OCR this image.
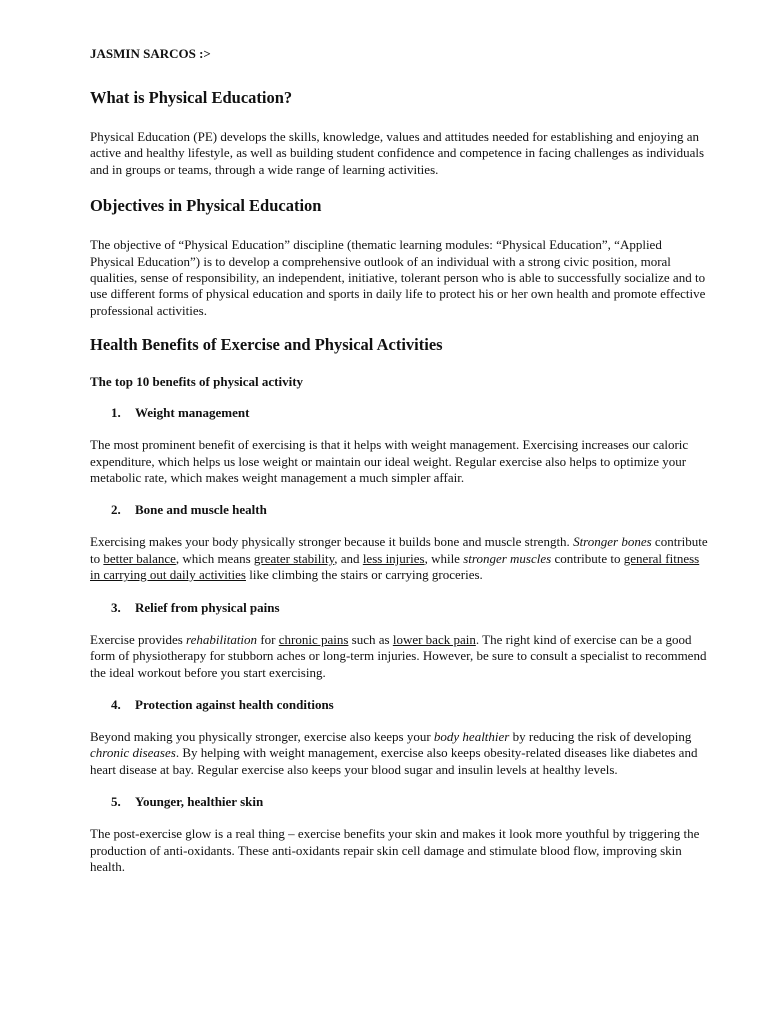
JASMIN SARCOS :>
What is Physical Education?

Physical Education (PE) develops the skills, knowledge, values and attitudes needed for establishing and enjoying an active and healthy lifestyle, as well as building student confidence and competence in facing challenges as individuals and in groups or teams, through a wide range of learning activities.

Objectives in Physical Education

The objective of “Physical Education” discipline (thematic learning modules: “Physical Education”, “Applied Physical Education”) is to develop a comprehensive outlook of an individual with a strong civic position, moral qualities, sense of responsibility, an independent, initiative, tolerant person who is able to successfully socialize and to use different forms of physical education and sports in daily life to protect his or her own health and promote effective professional activities.

Health Benefits of Exercise and Physical Activities
The top 10 benefits of physical activity
1.	Weight management

The most prominent benefit of exercising is that it helps with weight management. Exercising increases our caloric expenditure, which helps us lose weight or maintain our ideal weight. Regular exercise also helps to optimize your metabolic rate, which makes weight management a much simpler affair.

2.	Bone and muscle health

Exercising makes your body physically stronger because it builds bone and muscle strength. Stronger bones contribute to better balance, which means greater stability, and less injuries, while stronger muscles contribute to general fitness in carrying out daily activities like climbing the stairs or carrying groceries.

3.	Relief from physical pains

Exercise provides rehabilitation for chronic pains such as lower back pain. The right kind of exercise can be a good form of physiotherapy for stubborn aches or long-term injuries. However, be sure to consult a specialist to recommend the ideal workout before you start exercising.

4.	Protection against health conditions

Beyond making you physically stronger, exercise also keeps your body healthier by reducing the risk of developing chronic diseases. By helping with weight management, exercise also keeps obesity-related diseases like diabetes and heart disease at bay. Regular exercise also keeps your blood sugar and insulin levels at healthy levels.

5.	Younger, healthier skin

The post-exercise glow is a real thing – exercise benefits your skin and makes it look more youthful by triggering the production of anti-oxidants. These anti-oxidants repair skin cell damage and stimulate blood flow, improving skin health.
